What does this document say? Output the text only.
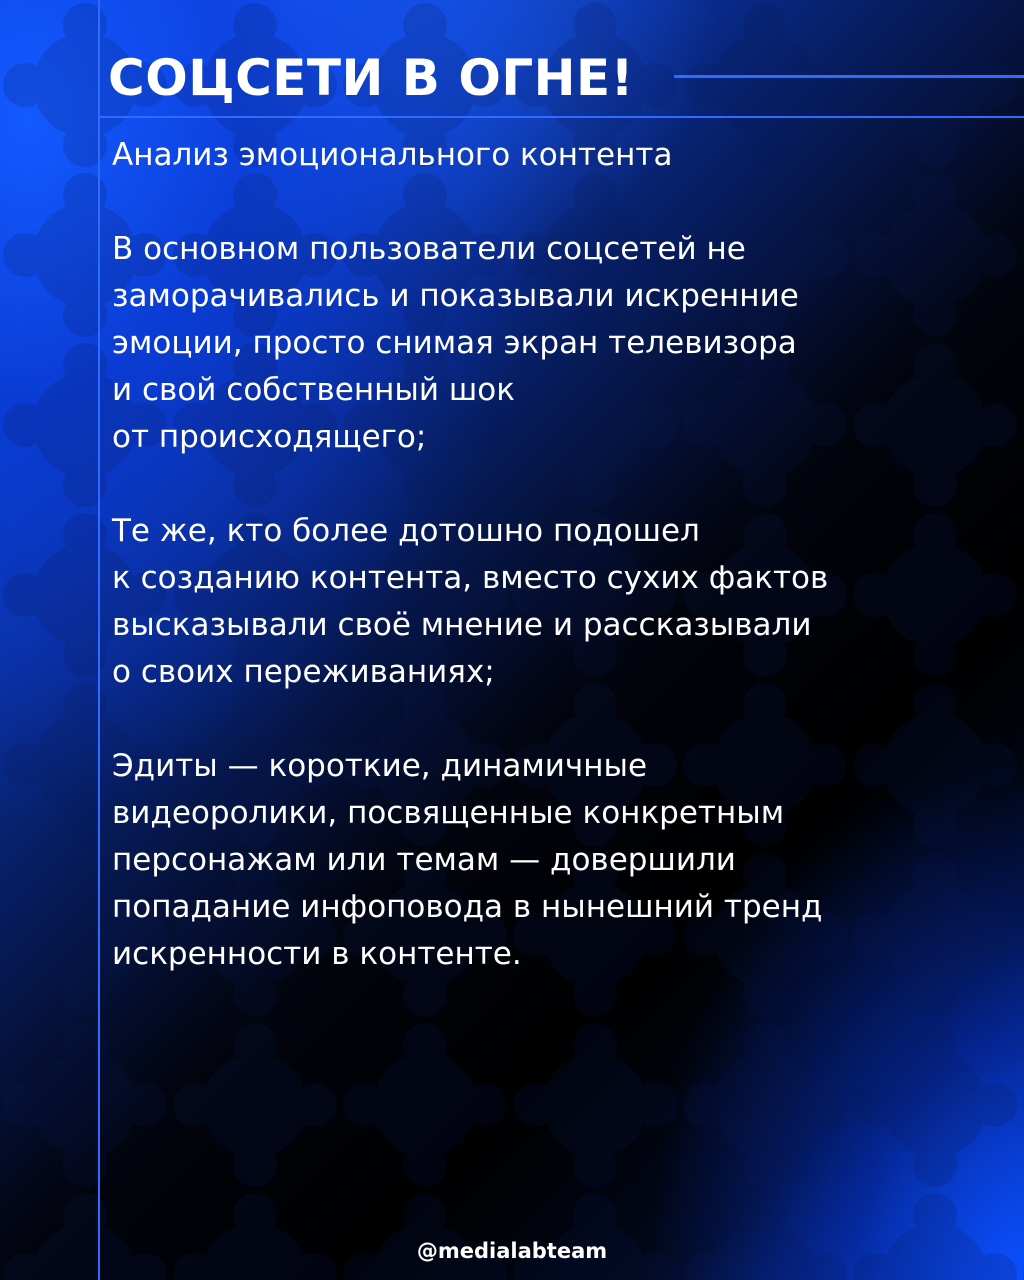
СОЦСЕТИ В ОГНЕ!

Анализ эмоционального контента

В основном пользователи соцсетей не
заморачивались и показывали искренние
эмоции, просто снимая экран телевизора
и свой собственный шок
от происходящего;

Те же, кто более дотошно подошел
к созданию контента, вместо сухих фактов
высказывали своё мнение и рассказывали
о своих переживаниях;

Эдиты — короткие, динамичные
видеоролики, посвященные конкретным
персонажам или темам — довершили
попадание инфоповода в нынешний тренд
искренности в контенте.

@medialabteam
